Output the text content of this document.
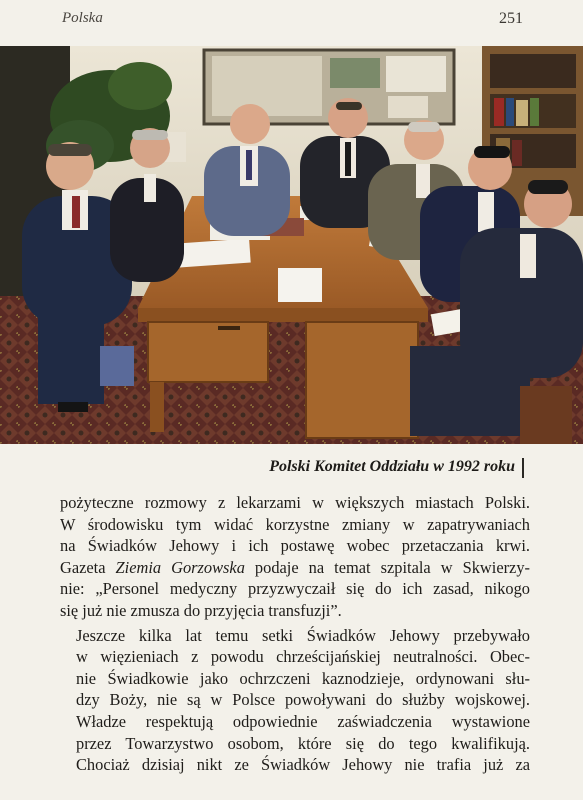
Polska	251
Polski Komitet Oddziału w 1992 roku

pożyteczne rozmowy z lekarzami w większych miastach Polski.
W środowisku tym widać korzystne zmiany w zapatrywaniach
na Świadków Jehowy i ich postawę wobec przetaczania krwi.
Gazeta Ziemia Gorzowska podaje na temat szpitala w Skwierzy-
nie: „Personel medyczny przyzwyczaił się do ich zasad, nikogo
się już nie zmusza do przyjęcia transfuzji”.

Jeszcze kilka lat temu setki Świadków Jehowy przebywało
w więzieniach z powodu chrześcijańskiej neutralności. Obec-
nie Świadkowie jako ochrzczeni kaznodzieje, ordynowani słu-
dzy Boży, nie są w Polsce powoływani do służby wojskowej.
Władze respektują odpowiednie zaświadczenia wystawione
przez Towarzystwo osobom, które się do tego kwalifikują.
Chociaż dzisiaj nikt ze Świadków Jehowy nie trafia już za
